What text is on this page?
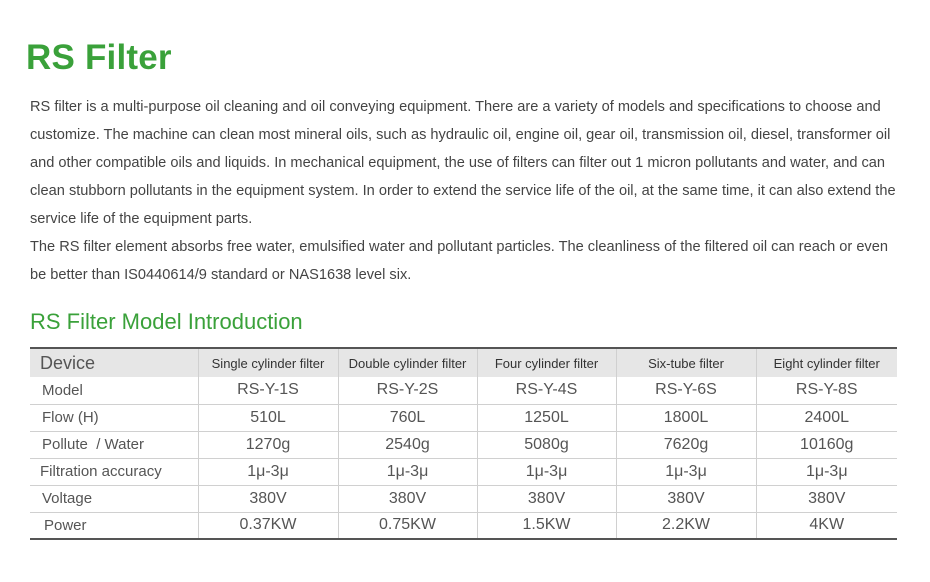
RS Filter

RS filter is a multi-purpose oil cleaning and oil conveying equipment. There are a variety of models and specifications to choose and customize. The machine can clean most mineral oils, such as hydraulic oil, engine oil, gear oil, transmission oil, diesel, transformer oil and other compatible oils and liquids. In mechanical equipment, the use of filters can filter out 1 micron pollutants and water, and can clean stubborn pollutants in the equipment system. In order to extend the service life of the oil, at the same time, it can also extend the service life of the equipment parts.

The RS filter element absorbs free water, emulsified water and pollutant particles. The cleanliness of the filtered oil can reach or even be better than IS0440614/9 standard or NAS1638 level six.

RS Filter Model Introduction
Device	Single cylinder filter	Double cylinder filter	Four cylinder filter	Six-tube filter	Eight cylinder filter
Model	RS-Y-1S	RS-Y-2S	RS-Y-4S	RS-Y-6S	RS-Y-8S
Flow (H)	510L	760L	1250L	1800L	2400L
Pollute  / Water	1270g	2540g	5080g	7620g	10160g
Filtration accuracy	1μ-3μ	1μ-3μ	1μ-3μ	1μ-3μ	1μ-3μ
Voltage	380V	380V	380V	380V	380V
Power	0.37KW	0.75KW	1.5KW	2.2KW	4KW
